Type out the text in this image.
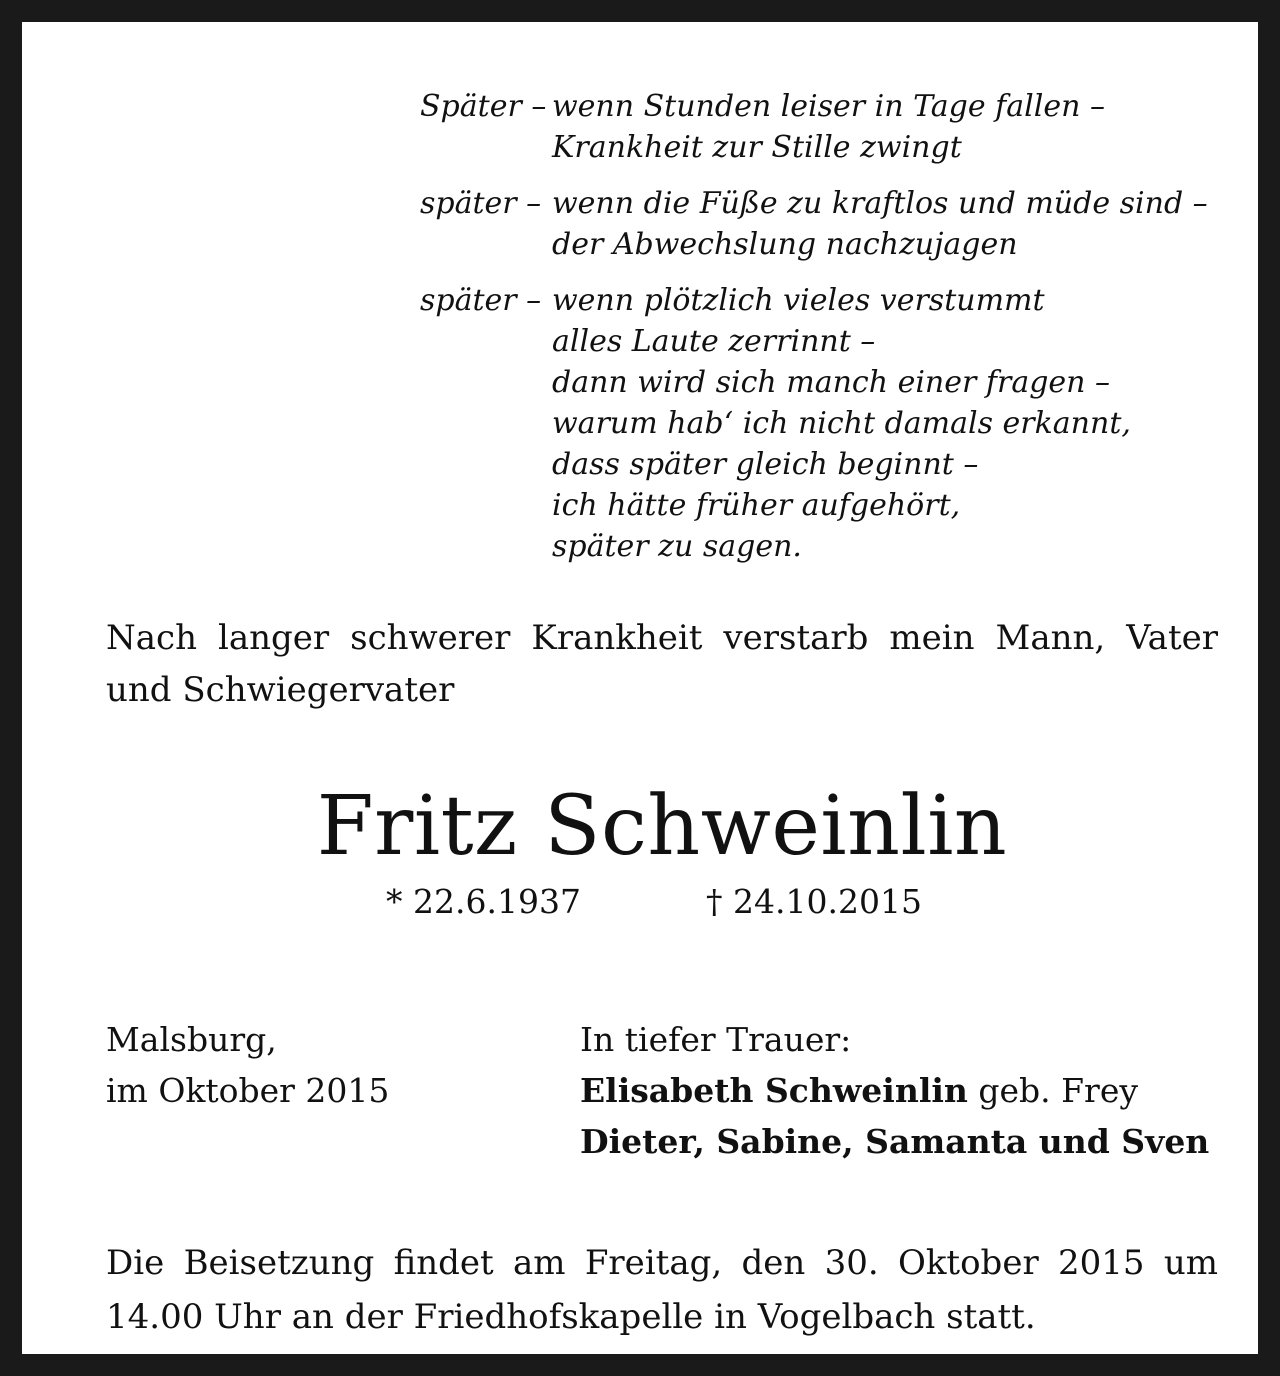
Später – wenn Stunden leiser in Tage fallen –
Krankheit zur Stille zwingt
später – wenn die Füße zu kraftlos und müde sind –
der Abwechslung nachzujagen
später – wenn plötzlich vieles verstummt
alles Laute zerrinnt –
dann wird sich manch einer fragen –
warum hab‘ ich nicht damals erkannt,
dass später gleich beginnt –
ich hätte früher aufgehört,
später zu sagen.
Nach langer schwerer Krankheit verstarb mein Mann, Vater und Schwiegervater
Fritz Schweinlin
* 22.6.1937	† 24.10.2015
Malsburg,
im Oktober 2015
In tiefer Trauer:
Elisabeth Schweinlin geb. Frey
Dieter, Sabine, Samanta und Sven
Die Beisetzung findet am Freitag, den 30. Oktober 2015 um 14.00 Uhr an der Friedhofskapelle in Vogelbach statt.
